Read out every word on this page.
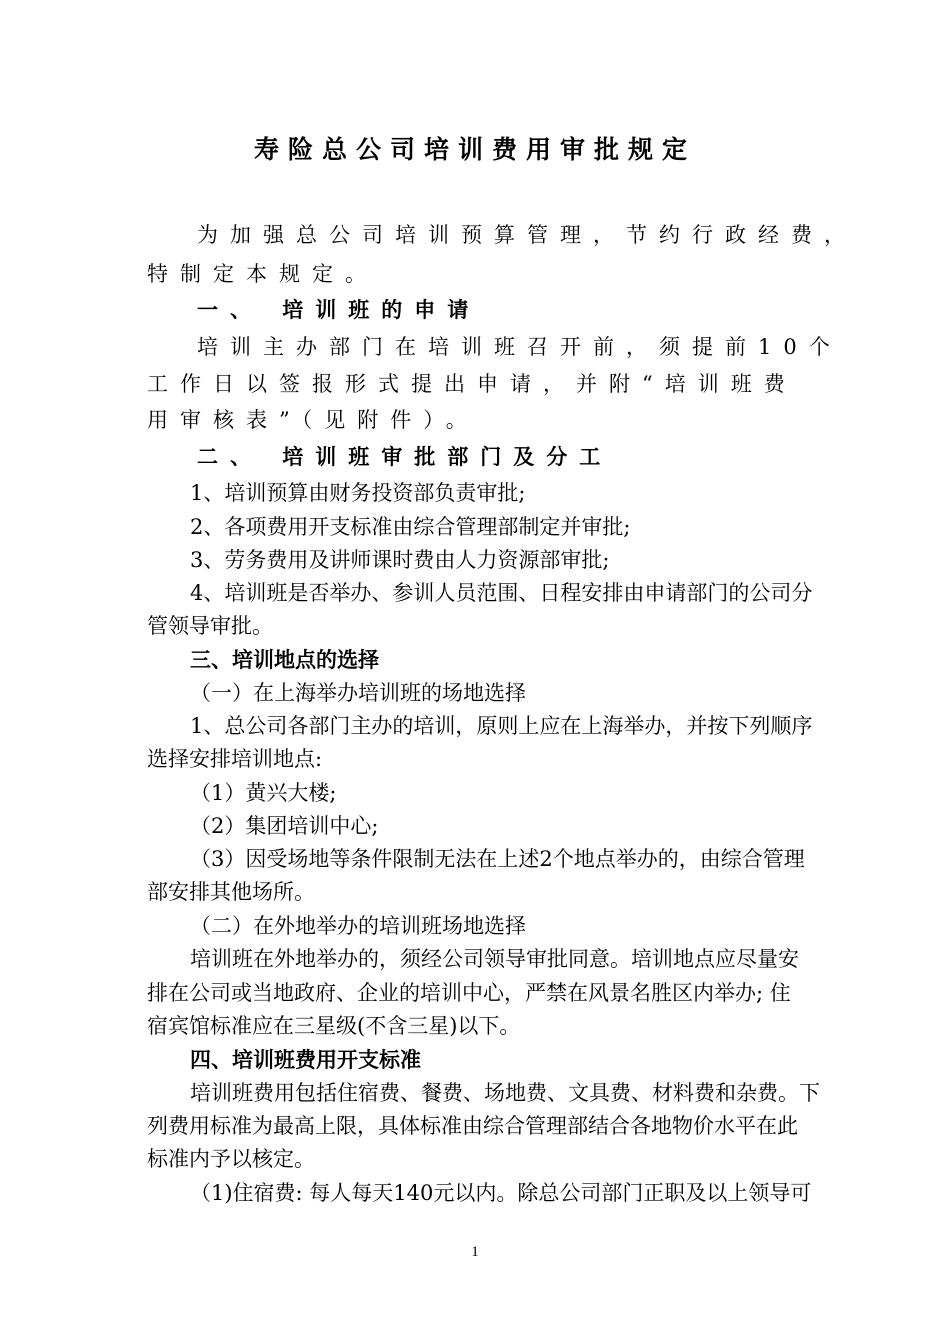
寿险总公司培训费用审批规定

为加强总公司培训预算管理，节约行政经费，

特制定本规定。

一、 培训班的申请

培训主办部门在培训班召开前，须提前10个

工作日以签报形式提出申请，并附“培训班费

用审核表”（见附件）。

二、 培训班审批部门及分工

1、培训预算由财务投资部负责审批;

2、各项费用开支标准由综合管理部制定并审批;

3、劳务费用及讲师课时费由人力资源部审批;

4、培训班是否举办、参训人员范围、日程安排由申请部门的公司分

管领导审批。

三、培训地点的选择

（一）在上海举办培训班的场地选择

1、总公司各部门主办的培训，原则上应在上海举办，并按下列顺序

选择安排培训地点:

（1）黄兴大楼;

（2）集团培训中心;

（3）因受场地等条件限制无法在上述2个地点举办的，由综合管理

部安排其他场所。

（二）在外地举办的培训班场地选择

培训班在外地举办的，须经公司领导审批同意。培训地点应尽量安

排在公司或当地政府、企业的培训中心，严禁在风景名胜区内举办; 住

宿宾馆标准应在三星级(不含三星)以下。

四、培训班费用开支标准

培训班费用包括住宿费、餐费、场地费、文具费、材料费和杂费。下

列费用标准为最高上限，具体标准由综合管理部结合各地物价水平在此

标准内予以核定。

（1)住宿费: 每人每天140元以内。除总公司部门正职及以上领导可

1
